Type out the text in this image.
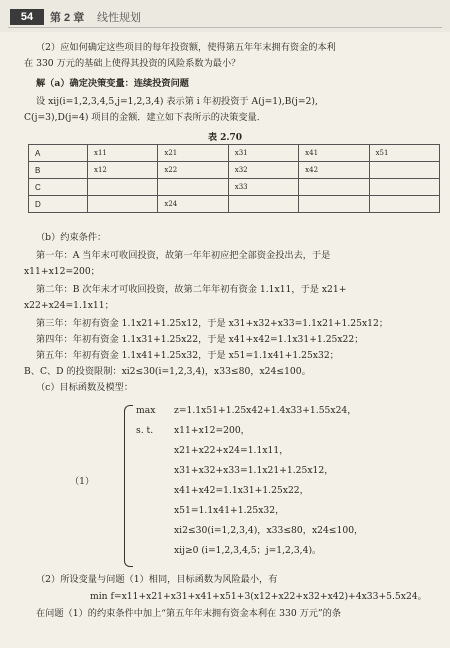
54	第 2 章 线性规划
（2）应如何确定这些项目的每年投资额，使得第五年年末拥有资金的本利
在 330 万元的基础上使得其投资的风险系数为最小？
解（a）确定决策变量：连续投资问题
设 xij(i=1,2,3,4,5,j=1,2,3,4) 表示第 i 年初投资于 A(j=1),B(j=2),
C(j=3),D(j=4) 项目的金额．建立如下表所示的决策变量．
表 2.70
A	x11	x21	x31	x41	x51
B	x12	x22	x32	x42	
C			x33		
D		x24			
（b）约束条件：
第一年：A 当年末可收回投资，故第一年年初应把全部资金投出去，于是
x11+x12=200；
第二年：B 次年末才可收回投资，故第二年年初有资金 1.1x11，于是 x21+
x22+x24=1.1x11；
第三年：年初有资金 1.1x21+1.25x12，于是 x31+x32+x33=1.1x21+1.25x12；
第四年：年初有资金 1.1x31+1.25x22，于是 x41+x42=1.1x31+1.25x22；
第五年：年初有资金 1.1x41+1.25x32，于是 x51=1.1x41+1.25x32；
B、C、D 的投资限制：xi2≤30(i=1,2,3,4)，x33≤80，x24≤100。
（c）目标函数及模型：
（1）
max
s. t.
z=1.1x51+1.25x42+1.4x33+1.55x24，
x11+x12=200，
x21+x22+x24=1.1x11，
x31+x32+x33=1.1x21+1.25x12，
x41+x42=1.1x31+1.25x22，
x51=1.1x41+1.25x32，
xi2≤30(i=1,2,3,4)，x33≤80，x24≤100，
xij≥0 (i=1,2,3,4,5；j=1,2,3,4)。
（2）所设变量与问题（1）相同，目标函数为风险最小，有
min f=x11+x21+x31+x41+x51+3(x12+x22+x32+x42)+4x33+5.5x24。
在问题（1）的约束条件中加上“第五年年末拥有资金本利在 330 万元”的条
